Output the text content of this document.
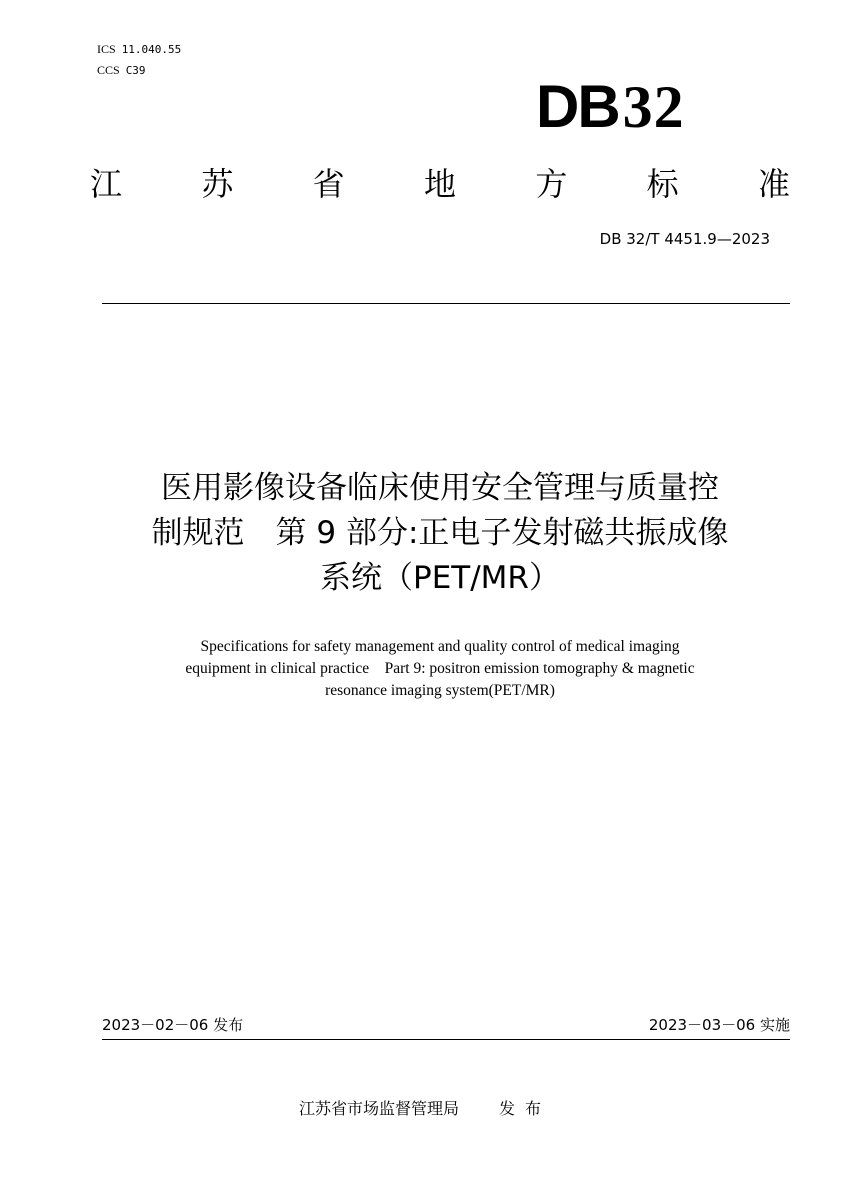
ICS 11.040.55
CCS C39
DB32
江 苏 省 地 方 标 准
DB 32/T 4451.9—2023
医用影像设备临床使用安全管理与质量控
制规范　第 9 部分:正电子发射磁共振成像
系统（PET/MR）
Specifications for safety management and quality control of medical imaging
equipment in clinical practice    Part 9: positron emission tomography & magnetic
resonance imaging system(PET/MR)
2023－02－06 发布	2023－03－06 实施
江苏省市场监督管理局	发布
